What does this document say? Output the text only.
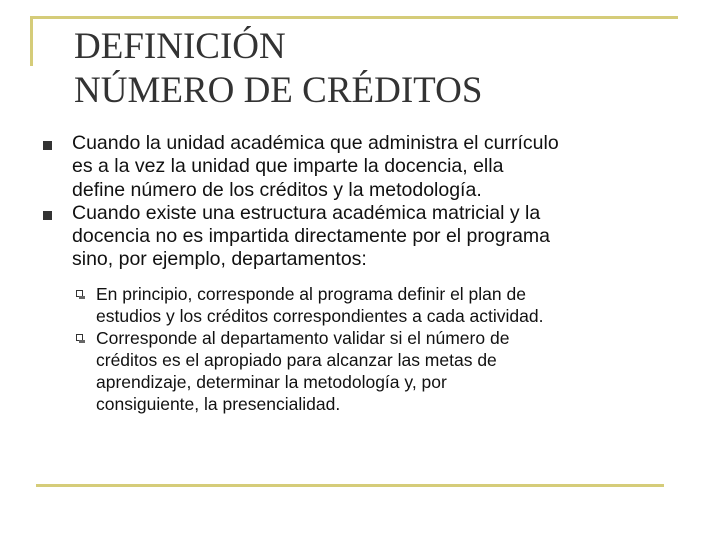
DEFINICIÓN
NÚMERO DE CRÉDITOS
Cuando la unidad académica que administra el currículo
es a la vez la unidad que imparte la docencia, ella
define número de los créditos y la metodología.
Cuando existe una estructura académica matricial y la
docencia no es impartida directamente por el programa
sino, por ejemplo, departamentos:
En principio, corresponde al programa definir el plan de
estudios y los créditos correspondientes a cada actividad.
Corresponde al departamento validar si el número de
créditos es el apropiado para alcanzar las metas de
aprendizaje, determinar la metodología y, por
consiguiente, la presencialidad.
